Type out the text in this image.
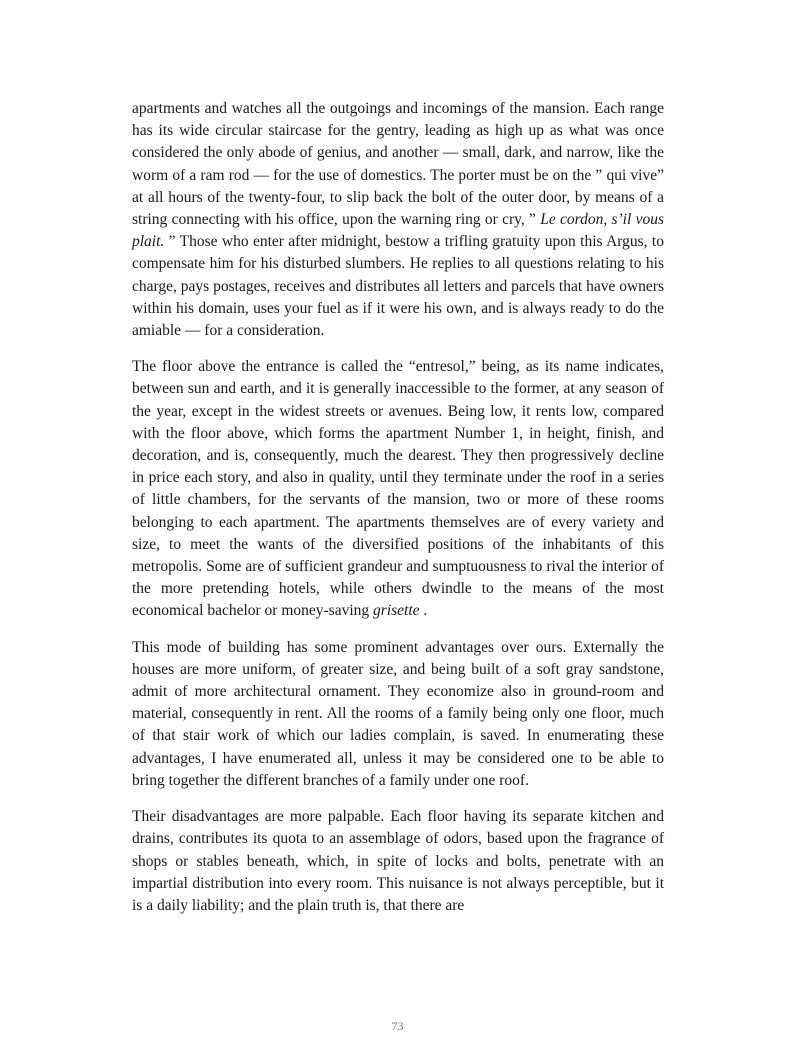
apartments and watches all the outgoings and incomings of the mansion. Each range has its wide circular staircase for the gentry, leading as high up as what was once considered the only abode of genius, and another — small, dark, and narrow, like the worm of a ram rod — for the use of domestics. The porter must be on the ” qui vive” at all hours of the twenty-four, to slip back the bolt of the outer door, by means of a string connecting with his office, upon the warning ring or cry, ” Le cordon, s’il vous plait. ” Those who enter after midnight, bestow a trifling gratuity upon this Argus, to compensate him for his disturbed slumbers. He replies to all questions relating to his charge, pays postages, receives and distributes all letters and parcels that have owners within his domain, uses your fuel as if it were his own, and is always ready to do the amiable — for a consideration.

The floor above the entrance is called the “entresol,” being, as its name indicates, between sun and earth, and it is generally inaccessible to the former, at any season of the year, except in the widest streets or avenues. Being low, it rents low, compared with the floor above, which forms the apartment Number 1, in height, finish, and decoration, and is, consequently, much the dearest. They then progressively decline in price each story, and also in quality, until they terminate under the roof in a series of little chambers, for the servants of the mansion, two or more of these rooms belonging to each apartment. The apartments themselves are of every variety and size, to meet the wants of the diversified positions of the inhabitants of this metropolis. Some are of sufficient grandeur and sumptuousness to rival the interior of the more pretending hotels, while others dwindle to the means of the most economical bachelor or money-saving grisette .

This mode of building has some prominent advantages over ours. Externally the houses are more uniform, of greater size, and being built of a soft gray sandstone, admit of more architectural ornament. They economize also in ground-room and material, consequently in rent. All the rooms of a family being only one floor, much of that stair work of which our ladies complain, is saved. In enumerating these advantages, I have enumerated all, unless it may be considered one to be able to bring together the different branches of a family under one roof.

Their disadvantages are more palpable. Each floor having its separate kitchen and drains, contributes its quota to an assemblage of odors, based upon the fragrance of shops or stables beneath, which, in spite of locks and bolts, penetrate with an impartial distribution into every room. This nuisance is not always perceptible, but it is a daily liability; and the plain truth is, that there are

73
